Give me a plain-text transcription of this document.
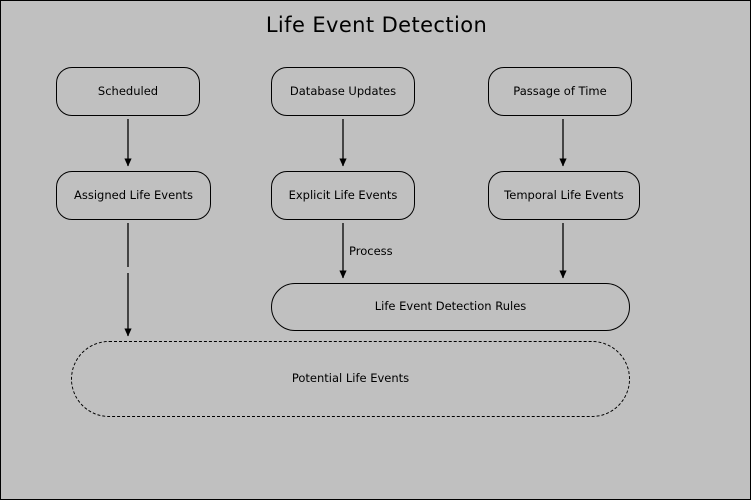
Life Event Detection
Scheduled	Database Updates	Passage of Time
Assigned Life Events	Explicit Life Events	Temporal Life Events
Life Event Detection Rules
Potential Life Events
Process
